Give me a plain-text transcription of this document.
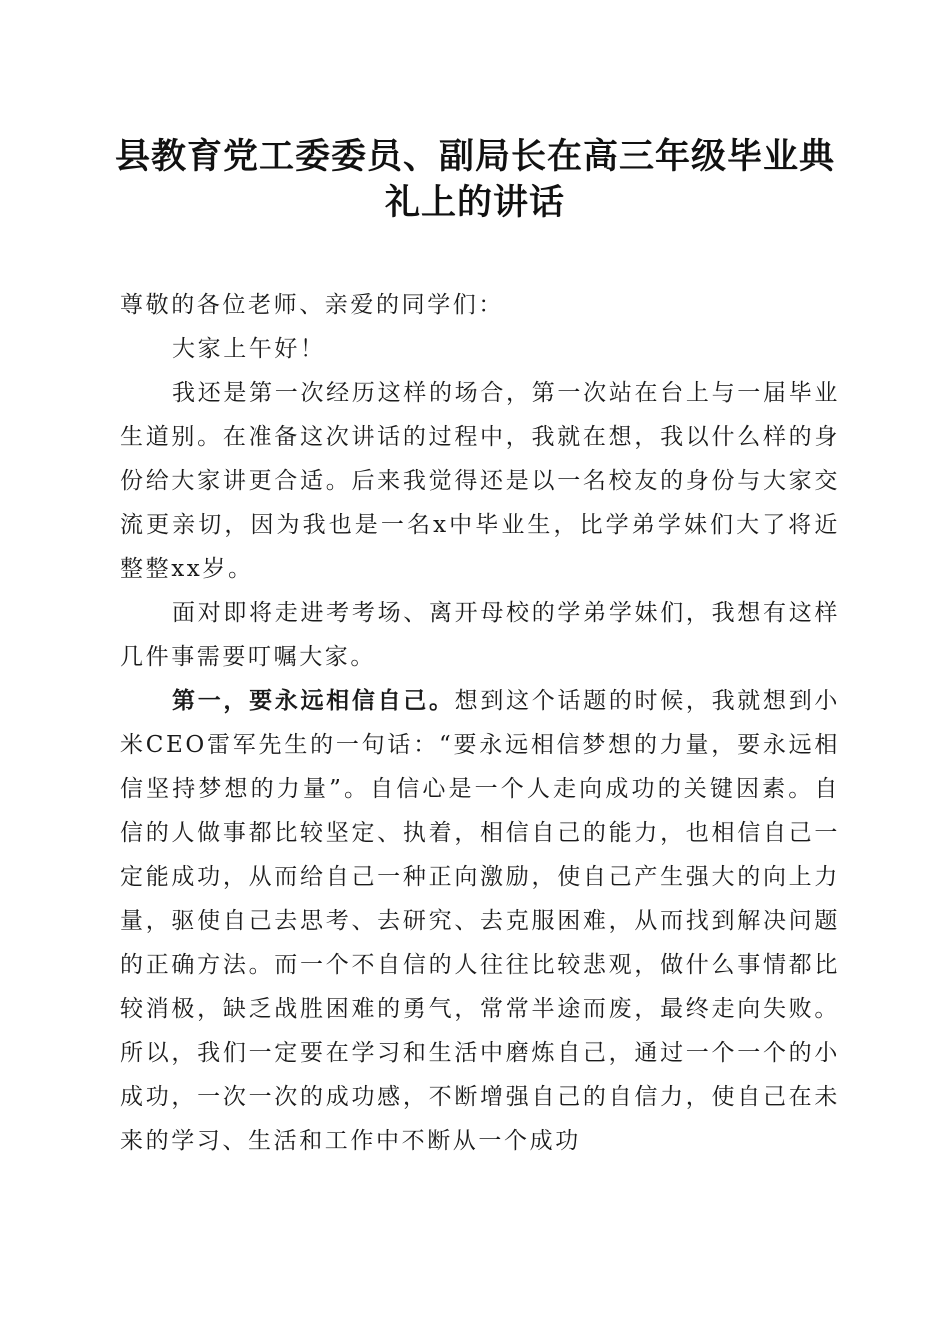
县教育党工委委员、副局长在高三年级毕业典礼上的讲话

尊敬的各位老师、亲爱的同学们：

大家上午好！

我还是第一次经历这样的场合，第一次站在台上与一届毕业生道别。在准备这次讲话的过程中，我就在想，我以什么样的身份给大家讲更合适。后来我觉得还是以一名校友的身份与大家交流更亲切，因为我也是一名x中毕业生，比学弟学妹们大了将近整整xx岁。

面对即将走进考考场、离开母校的学弟学妹们，我想有这样几件事需要叮嘱大家。

第一，要永远相信自己。想到这个话题的时候，我就想到小米CEO雷军先生的一句话：“要永远相信梦想的力量，要永远相信坚持梦想的力量”。自信心是一个人走向成功的关键因素。自信的人做事都比较坚定、执着，相信自己的能力，也相信自己一定能成功，从而给自己一种正向激励，使自己产生强大的向上力量，驱使自己去思考、去研究、去克服困难，从而找到解决问题的正确方法。而一个不自信的人往往比较悲观，做什么事情都比较消极，缺乏战胜困难的勇气，常常半途而废，最终走向失败。所以，我们一定要在学习和生活中磨炼自己，通过一个一个的小成功，一次一次的成功感，不断增强自己的自信力，使自己在未来的学习、生活和工作中不断从一个成功
